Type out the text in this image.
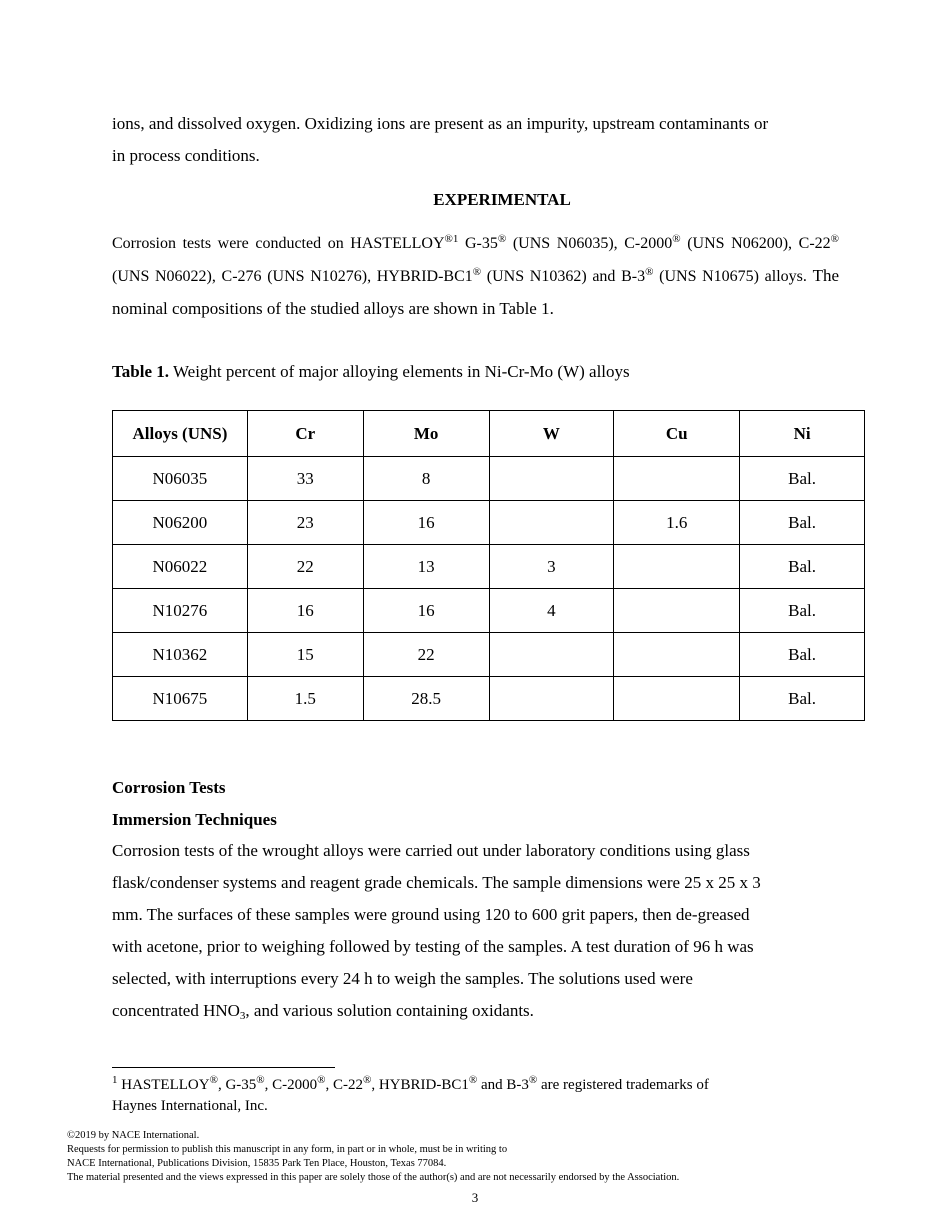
ions, and dissolved oxygen. Oxidizing ions are present as an impurity, upstream contaminants or
in process conditions.
EXPERIMENTAL
Corrosion tests were conducted on $HASTELLOY^{®1}$ G-35® (UNS N06035), C-2000® (UNS N06200), C-22® (UNS N06022), C-276 (UNS N10276), HYBRID-BC1® (UNS N10362) and B-3® (UNS N10675) alloys. The nominal compositions of the studied alloys are shown in Table 1.
Table 1. Weight percent of major alloying elements in Ni-Cr-Mo (W) alloys
Alloys (UNS)	Cr	Mo	W	Cu	Ni
N06035	33	8			Bal.
N06200	23	16		1.6	Bal.
N06022	22	13	3		Bal.
N10276	16	16	4		Bal.
N10362	15	22			Bal.
N10675	1.5	28.5			Bal.
Corrosion Tests
Immersion Techniques
Corrosion tests of the wrought alloys were carried out under laboratory conditions using glass
flask/condenser systems and reagent grade chemicals. The sample dimensions were 25 x 25 x 3
mm. The surfaces of these samples were ground using 120 to 600 grit papers, then de-greased
with acetone, prior to weighing followed by testing of the samples. A test duration of 96 h was
selected, with interruptions every 24 h to weigh the samples. The solutions used were
concentrated $HNO_3$, and various solution containing oxidants.
$^1$ HASTELLOY®, G-35®, C-2000®, C-22®, HYBRID-BC1® and B-3® are registered trademarks of
Haynes International, Inc.
©2019 by NACE International.
Requests for permission to publish this manuscript in any form, in part or in whole, must be in writing to
NACE International, Publications Division, 15835 Park Ten Place, Houston, Texas 77084.
The material presented and the views expressed in this paper are solely those of the author(s) and are not necessarily endorsed by the Association.
3
